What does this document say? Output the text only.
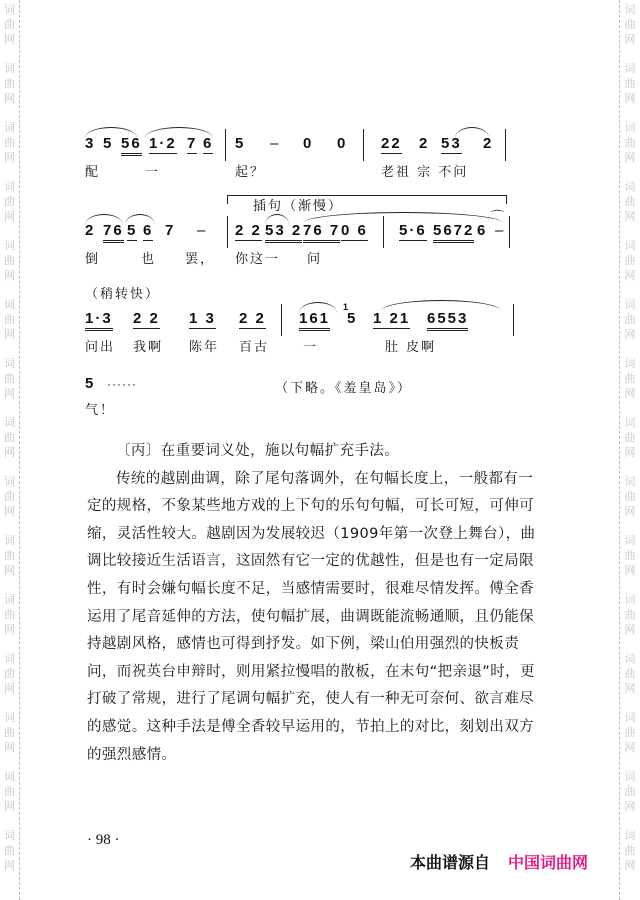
词
曲
网
词
曲
网
词
曲
网
词
曲
网
词
曲
网
词
曲
网
词
曲
网
词
曲
网
词
曲
网
词
曲
网
词
曲
网
词
曲
网
词
曲
网
词
曲
网
词
曲
网
词
曲
网
词
曲
网
词
曲
网
词
曲
网
词
曲
网
词
曲
网
词
曲
网
词
曲
网
词
曲
网
词
曲
网
词
曲
网
词
曲
网
词
曲
网
词
曲
网
词
曲
网
3 5 56 1·2 7 6 5 – 0 0 22 2 53 2
配	一	起？	老祖 宗 不问
插句（渐慢）
2 76 5 6 7 – 2 2 53 2 76 7 0 6 5·6 5672 6
⌒
–
倒	也 罢， 你这一 问
（稍转快）
1·3 2 2 1 3 2 2 161
1
5 1 21 6553
问出 我啊 陈年 百古	一	肚 皮啊
5 ······	（下略。《羞皇岛》）
气！

〔丙〕在重要词义处，施以句幅扩充手法。

传统的越剧曲调，除了尾句落调外，在句幅长度上，一般都有一定的规格，不象某些地方戏的上下句的乐句句幅，可长可短，可伸可缩，灵活性较大。越剧因为发展较迟（1909年第一次登上舞台），曲调比较接近生活语言，这固然有它一定的优越性，但是也有一定局限性，有时会嫌句幅长度不足，当感情需要时，很难尽情发挥。傅全香运用了尾音延伸的方法，使句幅扩展，曲调既能流畅通顺，且仍能保持越剧风格，感情也可得到抒发。如下例，梁山伯用强烈的快板责问，而祝英台申辩时，则用紧拉慢唱的散板，在末句“把亲退”时，更打破了常规，进行了尾调句幅扩充，使人有一种无可奈何、欲言难尽的感觉。这种手法是傅全香较早运用的，节拍上的对比，刻划出双方的强烈感情。

· 98 ·
本曲谱源自 中国词曲网
